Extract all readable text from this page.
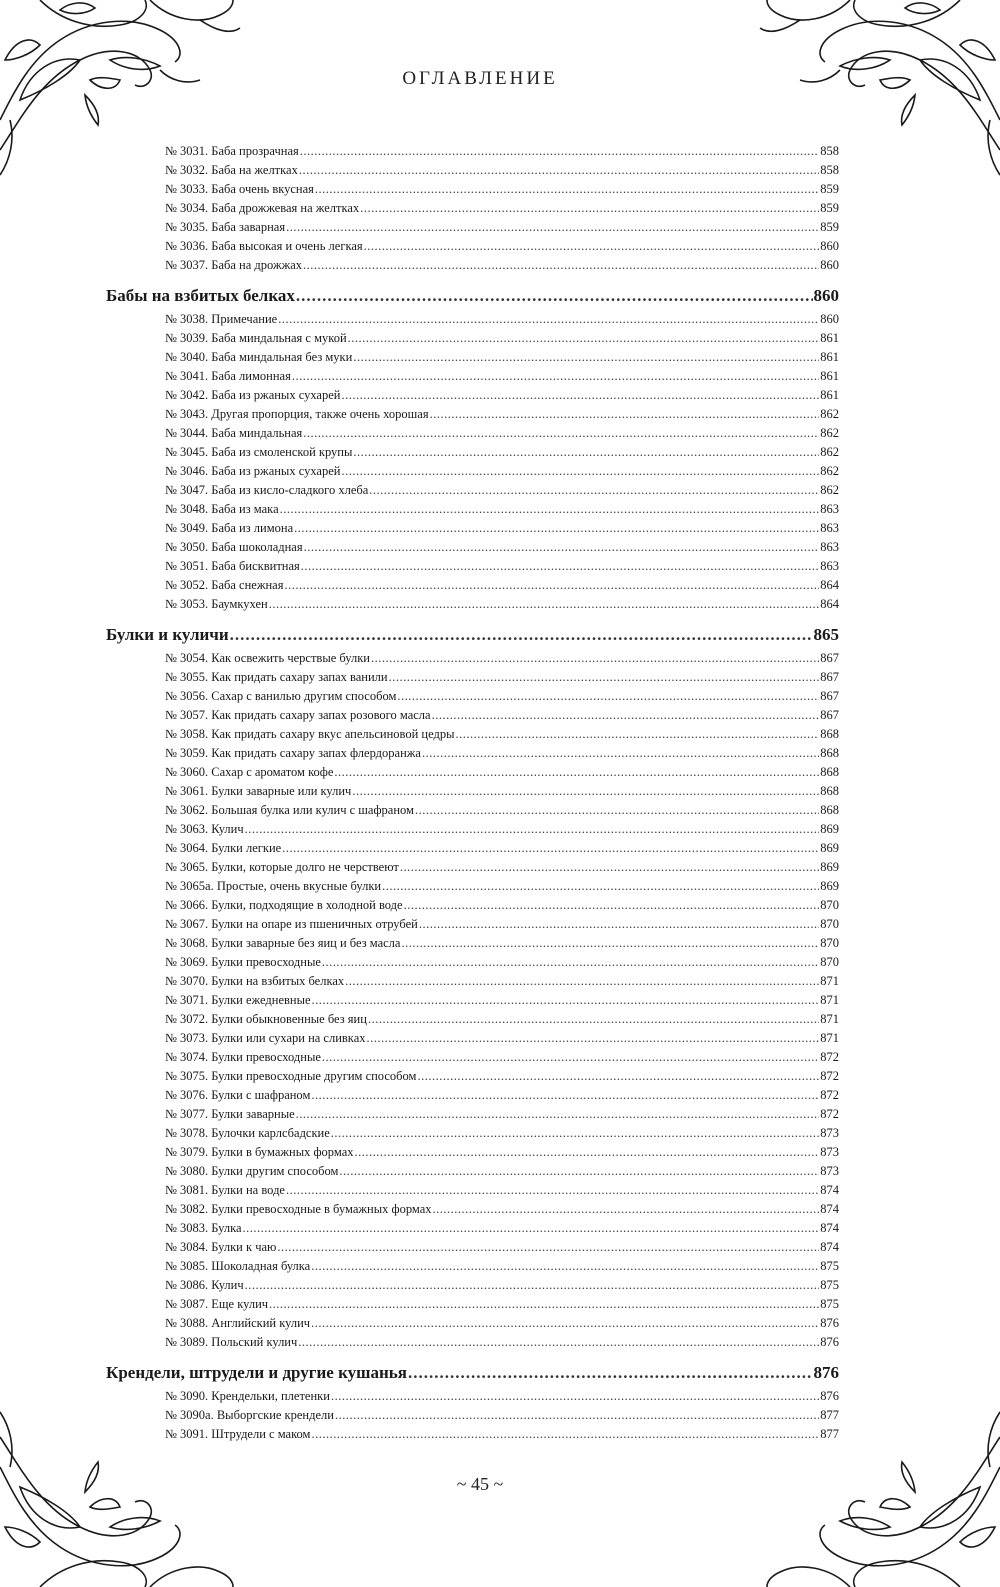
ОГЛАВЛЕНИЕ
№ 3031. Баба прозрачная .....	858
№ 3032. Баба на желтках .....	858
№ 3033. Баба очень вкусная .....	859
№ 3034. Баба дрожжевая на желтках .....	859
№ 3035. Баба заварная .....	859
№ 3036. Баба высокая и очень легкая .....	860
№ 3037. Баба на дрожжах .....	860
Бабы на взбитых белках .....	860
№ 3038. Примечание .....	860
№ 3039. Баба миндальная с мукой .....	861
№ 3040. Баба миндальная без муки .....	861
№ 3041. Баба лимонная .....	861
№ 3042. Баба из ржаных сухарей .....	861
№ 3043. Другая пропорция, также очень хорошая .....	862
№ 3044. Баба миндальная .....	862
№ 3045. Баба из смоленской крупы .....	862
№ 3046. Баба из ржаных сухарей .....	862
№ 3047. Баба из кисло-сладкого хлеба .....	862
№ 3048. Баба из мака .....	863
№ 3049. Баба из лимона .....	863
№ 3050. Баба шоколадная .....	863
№ 3051. Баба бисквитная .....	863
№ 3052. Баба снежная .....	864
№ 3053. Баумкухен .....	864
Булки и куличи .....	865
№ 3054. Как освежить черствые булки .....	867
№ 3055. Как придать сахару запах ванили .....	867
№ 3056. Сахар с ванилью другим способом .....	867
№ 3057. Как придать сахару запах розового масла .....	867
№ 3058. Как придать сахару вкус апельсиновой цедры .....	868
№ 3059. Как придать сахару запах флердоранжа .....	868
№ 3060. Сахар с ароматом кофе .....	868
№ 3061. Булки заварные или кулич .....	868
№ 3062. Большая булка или кулич с шафраном .....	868
№ 3063. Кулич .....	869
№ 3064. Булки легкие .....	869
№ 3065. Булки, которые долго не черствеют .....	869
№ 3065а. Простые, очень вкусные булки .....	869
№ 3066. Булки, подходящие в холодной воде .....	870
№ 3067. Булки на опаре из пшеничных отрубей .....	870
№ 3068. Булки заварные без яиц и без масла .....	870
№ 3069. Булки превосходные .....	870
№ 3070. Булки на взбитых белках .....	871
№ 3071. Булки ежедневные .....	871
№ 3072. Булки обыкновенные без яиц .....	871
№ 3073. Булки или сухари на сливках .....	871
№ 3074. Булки превосходные .....	872
№ 3075. Булки превосходные другим способом .....	872
№ 3076. Булки с шафраном .....	872
№ 3077. Булки заварные .....	872
№ 3078. Булочки карлсбадские .....	873
№ 3079. Булки в бумажных формах .....	873
№ 3080. Булки другим способом .....	873
№ 3081. Булки на воде .....	874
№ 3082. Булки превосходные в бумажных формах .....	874
№ 3083. Булка .....	874
№ 3084. Булки к чаю .....	874
№ 3085. Шоколадная булка .....	875
№ 3086. Кулич .....	875
№ 3087. Еще кулич .....	875
№ 3088. Английский кулич .....	876
№ 3089. Польский кулич .....	876
Крендели, штрудели и другие кушанья .....	876
№ 3090. Крендельки, плетенки .....	876
№ 3090а. Выборгские крендели .....	877
№ 3091. Штрудели с маком .....	877
~ 45 ~
